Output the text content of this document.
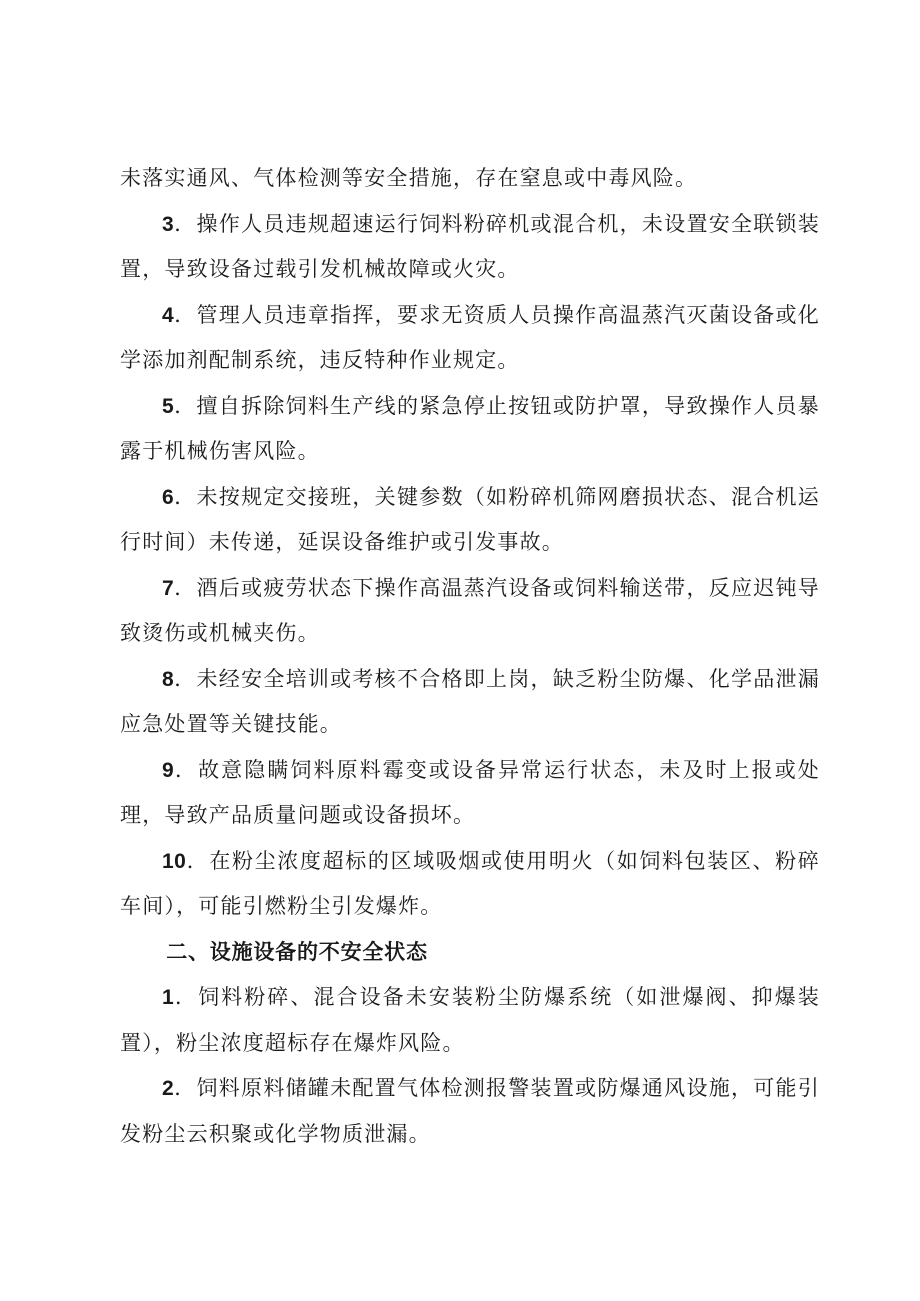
未落实通风、气体检测等安全措施，存在窒息或中毒风险。

3．操作人员违规超速运行饲料粉碎机或混合机，未设置安全联锁装置，导致设备过载引发机械故障或火灾。

4．管理人员违章指挥，要求无资质人员操作高温蒸汽灭菌设备或化学添加剂配制系统，违反特种作业规定。

5．擅自拆除饲料生产线的紧急停止按钮或防护罩，导致操作人员暴露于机械伤害风险。

6．未按规定交接班，关键参数（如粉碎机筛网磨损状态、混合机运行时间）未传递，延误设备维护或引发事故。

7．酒后或疲劳状态下操作高温蒸汽设备或饲料输送带，反应迟钝导致烫伤或机械夹伤。

8．未经安全培训或考核不合格即上岗，缺乏粉尘防爆、化学品泄漏应急处置等关键技能。

9．故意隐瞒饲料原料霉变或设备异常运行状态，未及时上报或处理，导致产品质量问题或设备损坏。

10．在粉尘浓度超标的区域吸烟或使用明火（如饲料包装区、粉碎车间），可能引燃粉尘引发爆炸。

二、设施设备的不安全状态

1．饲料粉碎、混合设备未安装粉尘防爆系统（如泄爆阀、抑爆装置），粉尘浓度超标存在爆炸风险。

2．饲料原料储罐未配置气体检测报警装置或防爆通风设施，可能引发粉尘云积聚或化学物质泄漏。
